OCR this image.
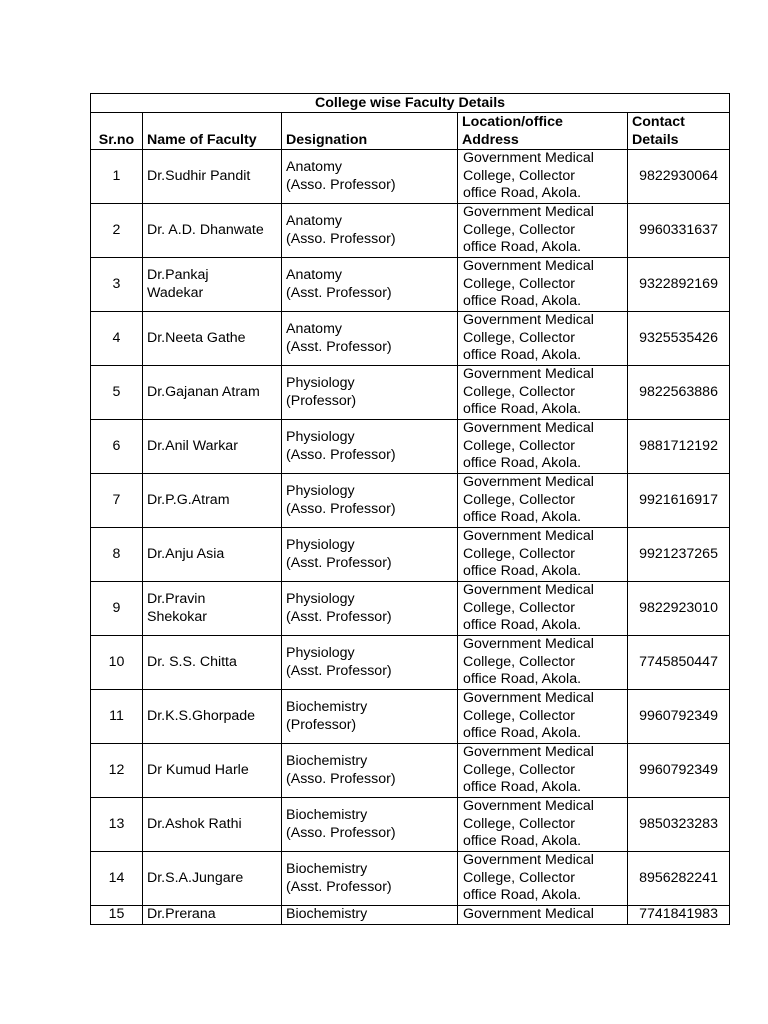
College wise Faculty Details				
Sr.no	Name of Faculty	Designation	Location/office
Address	Contact
Details
1	Dr.Sudhir Pandit	Anatomy
(Asso. Professor)	Government Medical
College, Collector
office Road, Akola.	9822930064
2	Dr. A.D. Dhanwate	Anatomy
(Asso. Professor)	Government Medical
College, Collector
office Road, Akola.	9960331637
3	Dr.Pankaj
Wadekar	Anatomy
(Asst. Professor)	Government Medical
College, Collector
office Road, Akola.	9322892169
4	Dr.Neeta Gathe	Anatomy
(Asst. Professor)	Government Medical
College, Collector
office Road, Akola.	9325535426
5	Dr.Gajanan Atram	Physiology
(Professor)	Government Medical
College, Collector
office Road, Akola.	9822563886
6	Dr.Anil Warkar	Physiology
(Asso. Professor)	Government Medical
College, Collector
office Road, Akola.	9881712192
7	Dr.P.G.Atram	Physiology
(Asso. Professor)	Government Medical
College, Collector
office Road, Akola.	9921616917
8	Dr.Anju Asia	Physiology
(Asst. Professor)	Government Medical
College, Collector
office Road, Akola.	9921237265
9	Dr.Pravin
Shekokar	Physiology
(Asst. Professor)	Government Medical
College, Collector
office Road, Akola.	9822923010
10	Dr. S.S. Chitta	Physiology
(Asst. Professor)	Government Medical
College, Collector
office Road, Akola.	7745850447
11	Dr.K.S.Ghorpade	Biochemistry
(Professor)	Government Medical
College, Collector
office Road, Akola.	9960792349
12	Dr Kumud Harle	Biochemistry
(Asso. Professor)	Government Medical
College, Collector
office Road, Akola.	9960792349
13	Dr.Ashok Rathi	Biochemistry
(Asso. Professor)	Government Medical
College, Collector
office Road, Akola.	9850323283
14	Dr.S.A.Jungare	Biochemistry
(Asst. Professor)	Government Medical
College, Collector
office Road, Akola.	8956282241
15	Dr.Prerana	Biochemistry	Government Medical	7741841983
